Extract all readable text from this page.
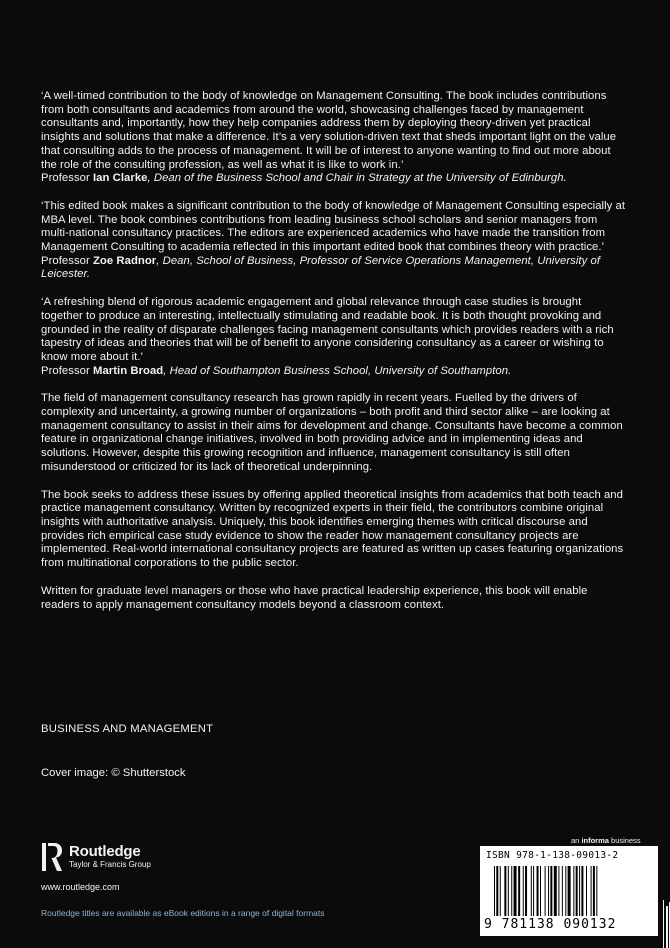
‘A well-timed contribution to the body of knowledge on Management Consulting. The book includes contributions from both consultants and academics from around the world, showcasing challenges faced by management consultants and, importantly, how they help companies address them by deploying theory-driven yet practical insights and solutions that make a difference. It’s a very solution-driven text that sheds important light on the value that consulting adds to the process of management. It will be of interest to anyone wanting to find out more about the role of the consulting profession, as well as what it is like to work in.’

Professor Ian Clarke, Dean of the Business School and Chair in Strategy at the University of Edinburgh.

‘This edited book makes a significant contribution to the body of knowledge of Management Consulting especially at MBA level. The book combines contributions from leading business school scholars and senior managers from multi-national consultancy practices. The editors are experienced academics who have made the transition from Management Consulting to academia reflected in this important edited book that combines theory with practice.’

Professor Zoe Radnor, Dean, School of Business, Professor of Service Operations Management, University of Leicester.

‘A refreshing blend of rigorous academic engagement and global relevance through case studies is brought together to produce an interesting, intellectually stimulating and readable book. It is both thought provoking and grounded in the reality of disparate challenges facing management consultants which provides readers with a rich tapestry of ideas and theories that will be of benefit to anyone considering consultancy as a career or wishing to know more about it.’

Professor Martin Broad, Head of Southampton Business School, University of Southampton.

The field of management consultancy research has grown rapidly in recent years. Fuelled by the drivers of complexity and uncertainty, a growing number of organizations – both profit and third sector alike – are looking at management consultancy to assist in their aims for development and change. Consultants have become a common feature in organizational change initiatives, involved in both providing advice and in implementing ideas and solutions. However, despite this growing recognition and influence, management consultancy is still often misunderstood or criticized for its lack of theoretical underpinning.

The book seeks to address these issues by offering applied theoretical insights from academics that both teach and practice management consultancy. Written by recognized experts in their field, the contributors combine original insights with authoritative analysis. Uniquely, this book identifies emerging themes with critical discourse and provides rich empirical case study evidence to show the reader how management consultancy projects are implemented. Real-world international consultancy projects are featured as written up cases featuring organizations from multinational corporations to the public sector.

Written for graduate level managers or those who have practical leadership experience, this book will enable readers to apply management consultancy models beyond a classroom context.

BUSINESS AND MANAGEMENT
Cover image: © Shutterstock
Routledge
Taylor & Francis Group
www.routledge.com
Routledge titles are available as eBook editions in a range of digital formats
an informa business
ISBN 978-1-138-09013-2
9 781138 090132
